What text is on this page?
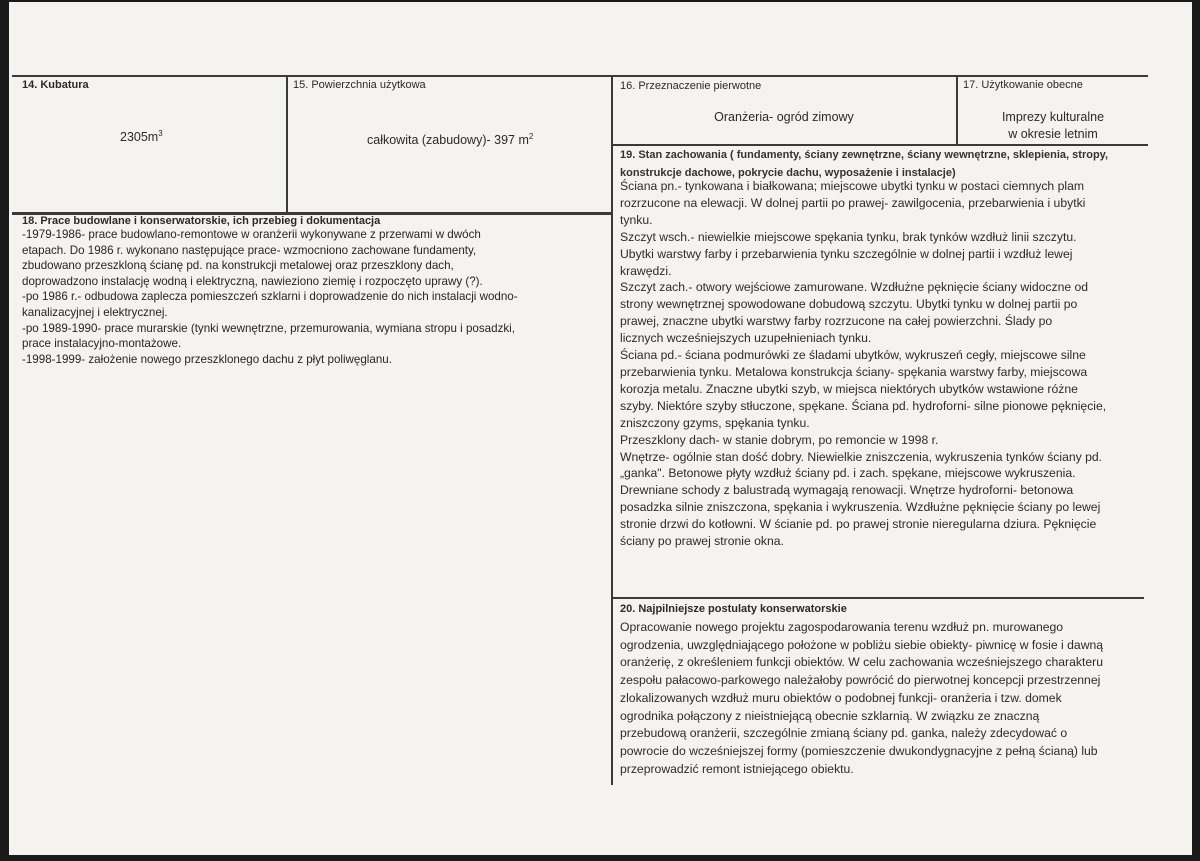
14. Kubatura
$2305m^3$
15. Powierzchnia użytkowa
całkowita (zabudowy)- 397 $m^2$
16. Przeznaczenie pierwotne
Oranżeria- ogród zimowy
17. Użytkowanie obecne
Imprezy kulturalne
w okresie letnim
18. Prace budowlane i konserwatorskie, ich przebieg i dokumentacja
-1979-1986- prace budowlano-remontowe w oranżerii wykonywane z przerwami w dwóch
etapach. Do 1986 r. wykonano następujące prace- wzmocniono zachowane fundamenty,
zbudowano przeszkloną ścianę pd. na konstrukcji metalowej oraz przeszklony dach,
doprowadzono instalację wodną i elektryczną, nawieziono ziemię i rozpoczęto uprawy (?).
-po 1986 r.- odbudowa zaplecza pomieszczeń szklarni i doprowadzenie do nich instalacji wodno-
kanalizacyjnej i elektrycznej.
-po 1989-1990- prace murarskie (tynki wewnętrzne, przemurowania, wymiana stropu i posadzki,
prace instalacyjno-montażowe.
-1998-1999- założenie nowego przeszklonego dachu z płyt poliwęglanu.
19. Stan zachowania ( fundamenty, ściany zewnętrzne, ściany wewnętrzne, sklepienia, stropy,
konstrukcje dachowe, pokrycie dachu, wyposażenie i instalacje)
Ściana pn.- tynkowana i białkowana; miejscowe ubytki tynku w postaci ciemnych plam
rozrzucone na elewacji. W dolnej partii po prawej- zawilgocenia, przebarwienia i ubytki
tynku.
Szczyt wsch.- niewielkie miejscowe spękania tynku, brak tynków wzdłuż linii szczytu.
Ubytki warstwy farby i przebarwienia tynku szczególnie w dolnej partii i wzdłuż lewej
krawędzi.
Szczyt zach.- otwory wejściowe zamurowane. Wzdłużne pęknięcie ściany widoczne od
strony wewnętrznej spowodowane dobudową szczytu. Ubytki tynku w dolnej partii po
prawej, znaczne ubytki warstwy farby rozrzucone na całej powierzchni. Ślady po
licznych wcześniejszych uzupełnieniach tynku.
Ściana pd.- ściana podmurówki ze śladami ubytków, wykruszeń cegły, miejscowe silne
przebarwienia tynku. Metalowa konstrukcja ściany- spękania warstwy farby, miejscowa
korozja metalu. Znaczne ubytki szyb, w miejsca niektórych ubytków wstawione różne
szyby. Niektóre szyby stłuczone, spękane. Ściana pd. hydroforni- silne pionowe pęknięcie,
zniszczony gzyms, spękania tynku.
Przeszklony dach- w stanie dobrym, po remoncie w 1998 r.
Wnętrze- ogólnie stan dość dobry. Niewielkie zniszczenia, wykruszenia tynków ściany pd.
„ganka". Betonowe płyty wzdłuż ściany pd. i zach. spękane, miejscowe wykruszenia.
Drewniane schody z balustradą wymagają renowacji. Wnętrze hydroforni- betonowa
posadzka silnie zniszczona, spękania i wykruszenia. Wzdłużne pęknięcie ściany po lewej
stronie drzwi do kotłowni. W ścianie pd. po prawej stronie nieregularna dziura. Pęknięcie
ściany po prawej stronie okna.
20. Najpilniejsze postulaty konserwatorskie
Opracowanie nowego projektu zagospodarowania terenu wzdłuż pn. murowanego
ogrodzenia, uwzględniającego położone w pobliżu siebie obiekty- piwnicę w fosie i dawną
oranżerię, z określeniem funkcji obiektów. W celu zachowania wcześniejszego charakteru
zespołu pałacowo-parkowego należałoby powrócić do pierwotnej koncepcji przestrzennej
zlokalizowanych wzdłuż muru obiektów o podobnej funkcji- oranżeria i tzw. domek
ogrodnika połączony z nieistniejącą obecnie szklarnią. W związku ze znaczną
przebudową oranżerii, szczególnie zmianą ściany pd. ganka, należy zdecydować o
powrocie do wcześniejszej formy (pomieszczenie dwukondygnacyjne z pełną ścianą) lub
przeprowadzić remont istniejącego obiektu.
